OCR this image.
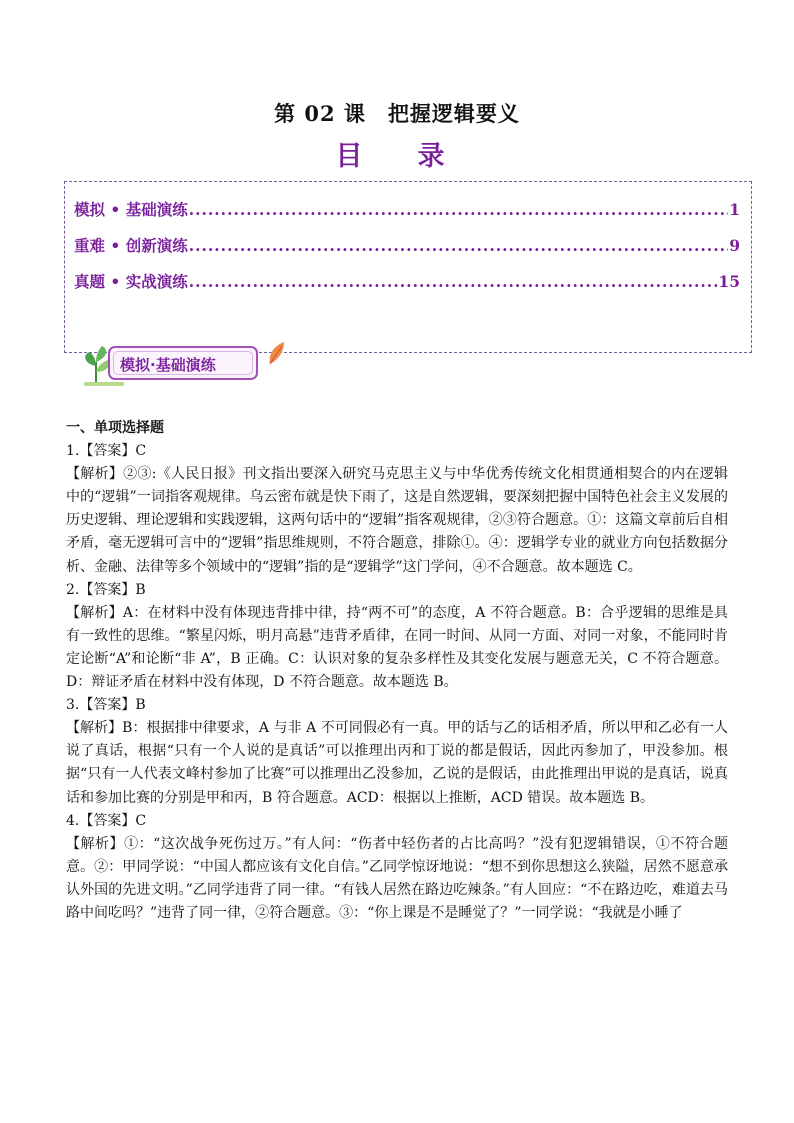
第 02 课　把握逻辑要义
目　录
模拟 • 基础演练 .....	1
重难 • 创新演练 .....	9
真题 • 实战演练 .....	15
模拟·基础演练

一、单项选择题

1.【答案】C

【解析】②③:《人民日报》刊文指出要深入研究马克思主义与中华优秀传统文化相贯通相契合的内在逻辑中的“逻辑”一词指客观规律。乌云密布就是快下雨了，这是自然逻辑，要深刻把握中国特色社会主义发展的历史逻辑、理论逻辑和实践逻辑，这两句话中的“逻辑”指客观规律，②③符合题意。①：这篇文章前后自相矛盾，毫无逻辑可言中的“逻辑”指思维规则，不符合题意，排除①。④：逻辑学专业的就业方向包括数据分析、金融、法律等多个领域中的“逻辑”指的是“逻辑学”这门学问，④不合题意。故本题选 C。

2.【答案】B

【解析】A：在材料中没有体现违背排中律，持“两不可”的态度，A 不符合题意。B：合乎逻辑的思维是具有一致性的思维。“繁星闪烁，明月高悬”违背矛盾律，在同一时间、从同一方面、对同一对象，不能同时肯定论断“A”和论断“非 A”，B 正确。C：认识对象的复杂多样性及其变化发展与题意无关，C 不符合题意。D：辩证矛盾在材料中没有体现，D 不符合题意。故本题选 B。

3.【答案】B

【解析】B：根据排中律要求，A 与非 A 不可同假必有一真。甲的话与乙的话相矛盾，所以甲和乙必有一人说了真话，根据“只有一个人说的是真话”可以推理出丙和丁说的都是假话，因此丙参加了，甲没参加。根据“只有一人代表文峰村参加了比赛”可以推理出乙没参加，乙说的是假话，由此推理出甲说的是真话，说真话和参加比赛的分别是甲和丙，B 符合题意。ACD：根据以上推断，ACD 错误。故本题选 B。

4.【答案】C

【解析】①：“这次战争死伤过万。”有人问：“伤者中轻伤者的占比高吗？”没有犯逻辑错误，①不符合题意。②：甲同学说：“中国人都应该有文化自信。”乙同学惊讶地说：“想不到你思想这么狭隘，居然不愿意承认外国的先进文明。”乙同学违背了同一律。“有钱人居然在路边吃辣条。”有人回应：“不在路边吃，难道去马路中间吃吗？”违背了同一律，②符合题意。③：“你上课是不是睡觉了？”一同学说：“我就是小睡了
